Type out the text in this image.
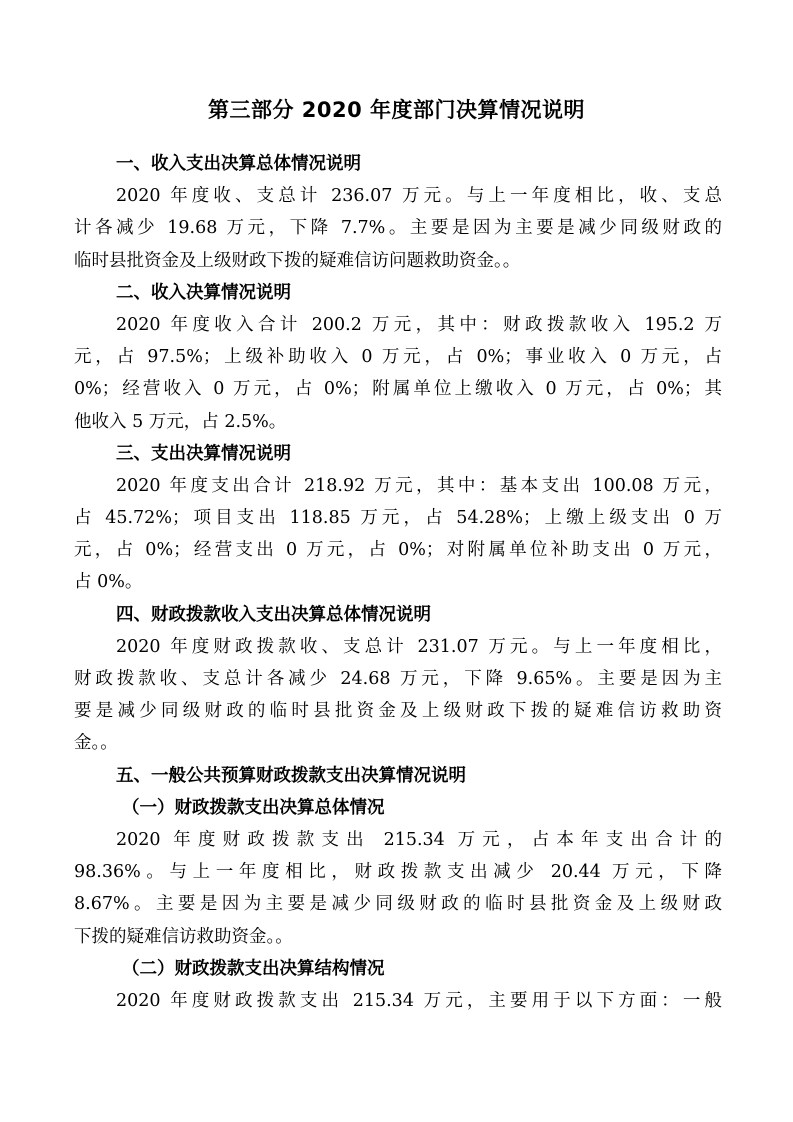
第三部分 2020 年度部门决算情况说明
一、收入支出决算总体情况说明
2020 年度收、支总计 236.07 万元。与上一年度相比，收、支总
计各减少 19.68 万元，下降 7.7%。主要是因为主要是减少同级财政的
临时县批资金及上级财政下拨的疑难信访问题救助资金。。
二、收入决算情况说明
2020 年度收入合计 200.2 万元，其中：财政拨款收入 195.2 万
元，占 97.5%；上级补助收入 0 万元，占 0%；事业收入 0 万元，占
0%；经营收入 0 万元，占 0%；附属单位上缴收入 0 万元，占 0%；其
他收入 5 万元，占 2.5%。
三、支出决算情况说明
2020 年度支出合计 218.92 万元，其中：基本支出 100.08 万元，
占 45.72%；项目支出 118.85 万元，占 54.28%；上缴上级支出 0 万
元，占 0%；经营支出 0 万元，占 0%；对附属单位补助支出 0 万元，
占 0%。
四、财政拨款收入支出决算总体情况说明
2020 年度财政拨款收、支总计 231.07 万元。与上一年度相比，
财政拨款收、支总计各减少 24.68 万元，下降 9.65%。主要是因为主
要是减少同级财政的临时县批资金及上级财政下拨的疑难信访救助资
金。。
五、一般公共预算财政拨款支出决算情况说明
（一）财政拨款支出决算总体情况
2020 年度财政拨款支出 215.34 万元，占本年支出合计的
98.36%。与上一年度相比，财政拨款支出减少 20.44 万元，下降
8.67%。主要是因为主要是减少同级财政的临时县批资金及上级财政
下拨的疑难信访救助资金。。
（二）财政拨款支出决算结构情况
2020 年度财政拨款支出 215.34 万元，主要用于以下方面：一般
